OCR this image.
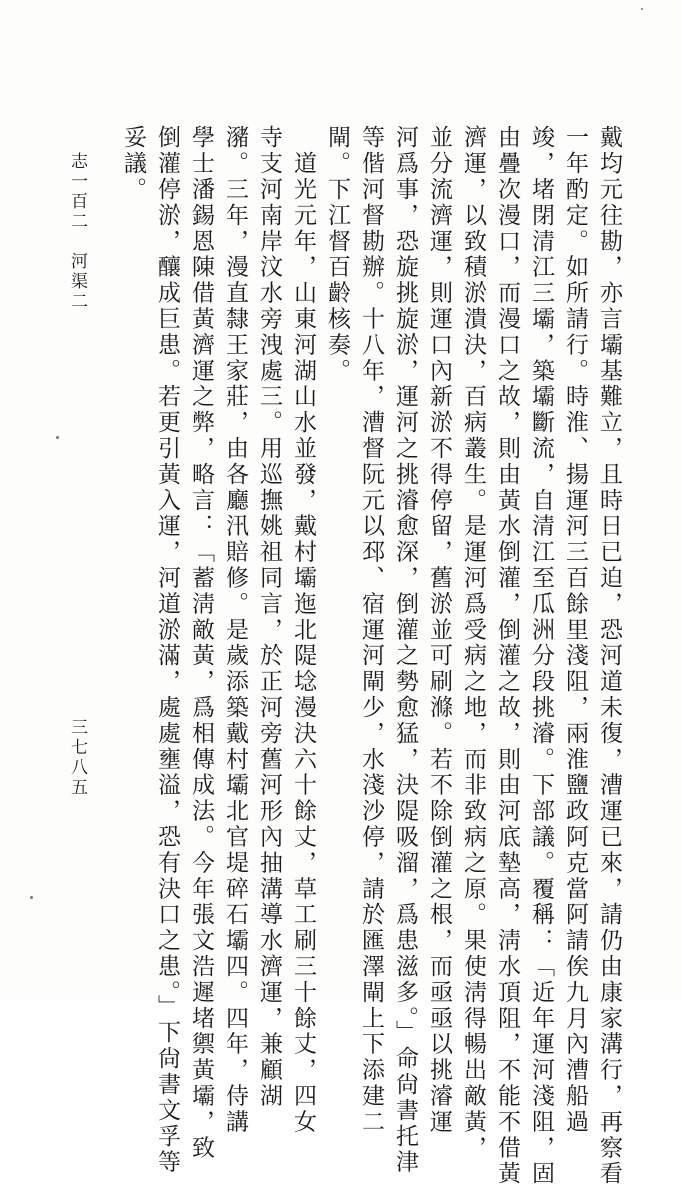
戴均元往勘，亦言壩基難立，且時日已迫，恐河道未復，漕運已來，請仍由康家溝行，再察看
一年酌定。如所請行。時淮、揚運河三百餘里淺阻，兩淮鹽政阿克當阿請俟九月內漕船過
竣，堵閉清江三壩，築壩斷流，自清江至瓜洲分段挑濬。下部議。覆稱：「近年運河淺阻，固
由疊次漫口，而漫口之故，則由黃水倒灌，倒灌之故，則由河底墊高，淸水頂阻，不能不借黃
濟運，以致積淤潰決，百病叢生。是運河爲受病之地，而非致病之原。果使淸得暢出敵黃，
並分流濟運，則運口內新淤不得停留，舊淤並可刷滌。若不除倒灌之根，而亟亟以挑濬運
河爲事，恐旋挑旋淤，運河之挑濬愈深，倒灌之勢愈猛，決隄吸溜，爲患滋多。」命尙書托津
等偕河督勘辦。十八年，漕督阮元以邳、宿運河閘少，水淺沙停，請於匯澤閘上下添建二
閘。下江督百齡核奏。
　道光元年，山東河湖山水並發，戴村壩迤北隄埝漫決六十餘丈，草工刷三十餘丈，四女
寺支河南岸汶水旁洩處三。用巡撫姚祖同言，於正河旁舊河形內抽溝導水濟運，兼顧湖
瀦。三年，漫直隸王家莊，由各廳汛賠修。是歲添築戴村壩北官堤碎石壩四。四年，侍講
學士潘錫恩陳借黃濟運之弊，略言：「蓄淸敵黃，爲相傳成法。今年張文浩遲堵禦黃壩，致
倒灌停淤，釀成巨患。若更引黃入運，河道淤滿，處處壅溢，恐有決口之患。」下尙書文孚等
妥議。
志一百二　河渠二
三七八五
